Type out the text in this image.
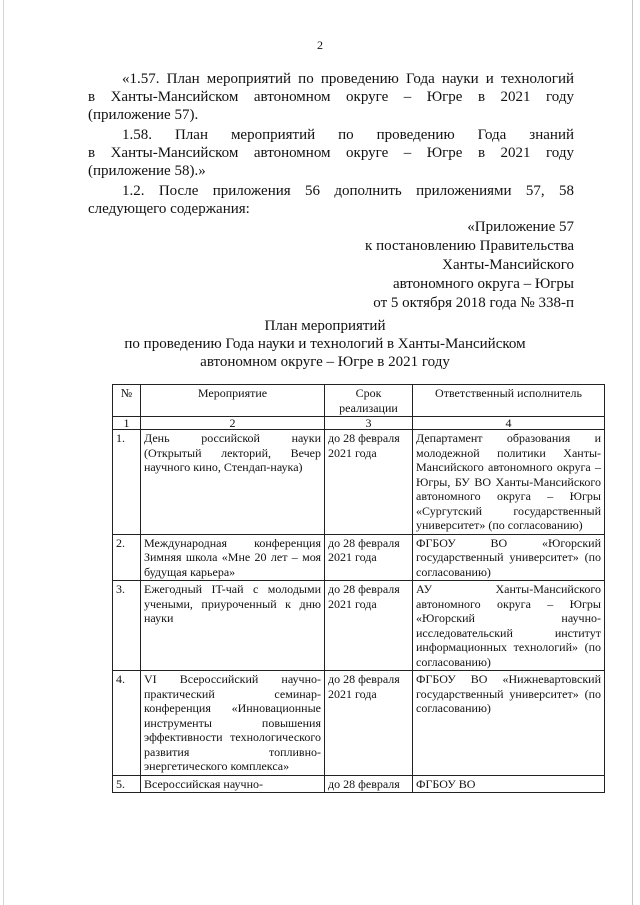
2
«1.57. План мероприятий по проведению Года науки и технологий
в Ханты-Мансийском автономном округе – Югре в 2021 году
(приложение 57).
1.58. План мероприятий по проведению Года знаний
в Ханты-Мансийском автономном округе – Югре в 2021 году
(приложение 58).»
1.2. После приложения 56 дополнить приложениями 57, 58
следующего содержания:
«Приложение 57
к постановлению Правительства
Ханты-Мансийского
автономного округа – Югры
от 5 октября 2018 года № 338-п
План мероприятий
по проведению Года науки и технологий в Ханты-Мансийском
автономном округе – Югре в 2021 году
№	Мероприятие	Срок реализации	Ответственный исполнитель
1	2	3	4
1.	День российской науки (Открытый лекторий, Вечер научного кино, Стендап-наука)	до 28 февраля 2021 года	Департамент образования и молодежной политики Ханты-Мансийского автономного округа – Югры, БУ ВО Ханты-Мансийского автономного округа – Югры «Сургутский государственный университет» (по согласованию)
2.	Международная конференция Зимняя школа «Мне 20 лет – моя будущая карьера»	до 28 февраля 2021 года	ФГБОУ ВО «Югорский государственный университет» (по согласованию)
3.	Ежегодный IT-чай с молодыми учеными, приуроченный к дню науки	до 28 февраля 2021 года	АУ Ханты-Мансийского автономного округа – Югры «Югорский научно-исследовательский институт информационных технологий» (по согласованию)
4.	VI Всероссийский научно-практический семинар-конференция «Инновационные инструменты повышения эффективности технологического развития топливно-энергетического комплекса»	до 28 февраля 2021 года	ФГБОУ ВО «Нижневартовский государственный университет» (по согласованию)
5.	Всероссийская научно-	до 28 февраля	ФГБОУ ВО
